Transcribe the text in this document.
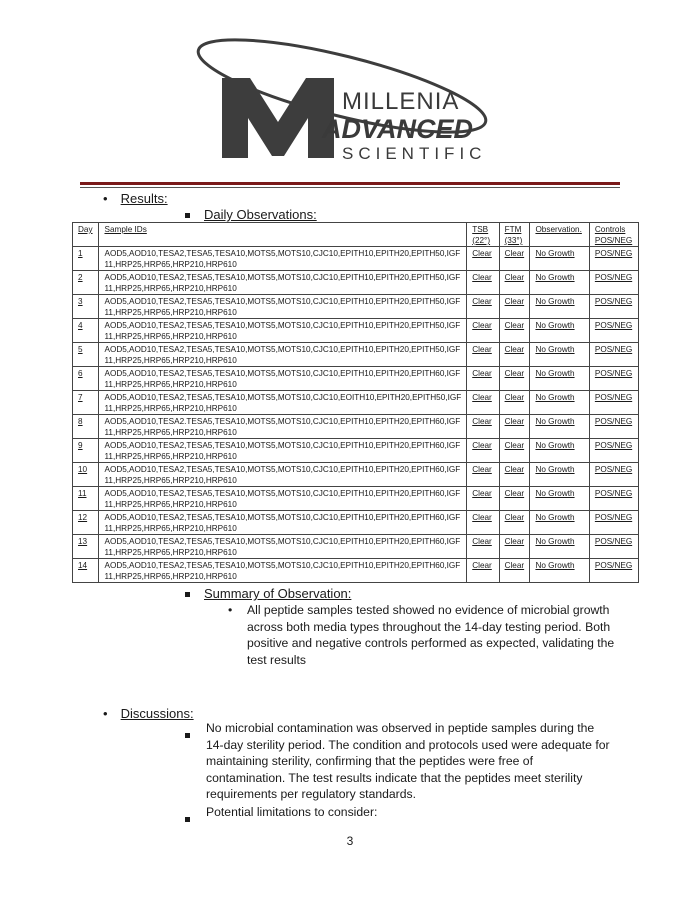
MILLENIA
ADVANCED
SCIENTIFIC
• Results:
Daily Observations:
Day	Sample IDs	TSB (22°)	FTM (33°)	Observation.	Controls POS/NEG
1	AOD5,AOD10,TESA2,TESA5,TESA10,MOTS5,MOTS10,CJC10,EPITH10,EPITH20,EPITH50,IGF 11,HRP25,HRP65,HRP210,HRP610	Clear	Clear	No Growth	POS/NEG
2	AOD5,AOD10,TESA2,TESA5,TESA10,MOTS5,MOTS10,CJC10,EPITH10,EPITH20,EPITH50,IGF 11,HRP25,HRP65,HRP210,HRP610	Clear	Clear	No Growth	POS/NEG
3	AOD5,AOD10,TESA2,TESA5,TESA10,MOTS5,MOTS10,CJC10,EPITH10,EPITH20,EPITH50,IGF 11,HRP25,HRP65,HRP210,HRP610	Clear	Clear	No Growth	POS/NEG
4	AOD5,AOD10,TESA2,TESA5,TESA10,MOTS5,MOTS10,CJC10,EPITH10,EPITH20,EPITH50,IGF 11,HRP25,HRP65,HRP210,HRP610	Clear	Clear	No Growth	POS/NEG
5	AOD5,AOD10,TESA2,TESA5,TESA10,MOTS5,MOTS10,CJC10,EPITH10,EPITH20,EPITH50,IGF 11,HRP25,HRP65,HRP210,HRP610	Clear	Clear	No Growth	POS/NEG
6	AOD5,AOD10,TESA2,TESA5,TESA10,MOTS5,MOTS10,CJC10,EPITH10,EPITH20,EPITH60,IGF 11,HRP25,HRP65,HRP210,HRP610	Clear	Clear	No Growth	POS/NEG
7	AOD5,AOD10,TESA2,TESA5,TESA10,MOTS5,MOTS10,CJC10,EOITH10,EPITH20,EPITH50,IGF 11,HRP25,HRP65,HRP210,HRP610	Clear	Clear	No Growth	POS/NEG
8	AOD5,AOD10,TESA2.TESA5,TESA10,MOTS5,MOTS10,CJC10,EPITH10,EPITH20,EPITH60,IGF 11,HRP25,HRP65,HRP210,HRP610	Clear	Clear	No Growth	POS/NEG
9	AOD5,AOD10,TESA2,TESA5,TESA10,MOTS5,MOTS10,CJC10,EPITH10,EPITH20,EPITH60,IGF 11,HRP25,HRP65,HRP210,HRP610	Clear	Clear	No Growth	POS/NEG
10	AOD5,AOD10,TESA2,TESA5,TESA10,MOTS5,MOTS10,CJC10,EPITH10,EPITH20,EPITH60,IGF 11,HRP25,HRP65,HRP210,HRP610	Clear	Clear	No Growth	POS/NEG
11	AOD5,AOD10,TESA2,TESA5,TESA10,MOTS5,MOTS10,CJC10,EPITH10,EPITH20,EPITH60,IGF 11,HRP25,HRP65,HRP210,HRP610	Clear	Clear	No Growth	POS/NEG
12	AOD5,AOD10,TESA2,TESA5,TESA10,MOTS5,MOTS10,CJC10,EPITH10,EPITH20,EPITH60,IGF 11,HRP25,HRP65,HRP210,HRP610	Clear	Clear	No Growth	POS/NEG
13	AOD5,AOD10,TESA2,TESA5,TESA10,MOTS5,MOTS10,CJC10,EPITH10,EPITH20,EPITH60,IGF 11,HRP25,HRP65,HRP210,HRP610	Clear	Clear	No Growth	POS/NEG
14	AOD5,AOD10,TESA2,TESA5,TESA10,MOTS5,MOTS10,CJC10,EPITH10,EPITH20,EPITH60,IGF 11,HRP25,HRP65,HRP210,HRP610	Clear	Clear	No Growth	POS/NEG
Summary of Observation:
•	All peptide samples tested showed no evidence of microbial growth across both media types throughout the 14-day testing period. Both positive and negative controls performed as expected, validating the test results
• Discussions:
No microbial contamination was observed in peptide samples during the 14-day sterility period. The condition and protocols used were adequate for maintaining sterility, confirming that the peptides were free of contamination. The test results indicate that the peptides meet sterility requirements per regulatory standards.
Potential limitations to consider:
3
